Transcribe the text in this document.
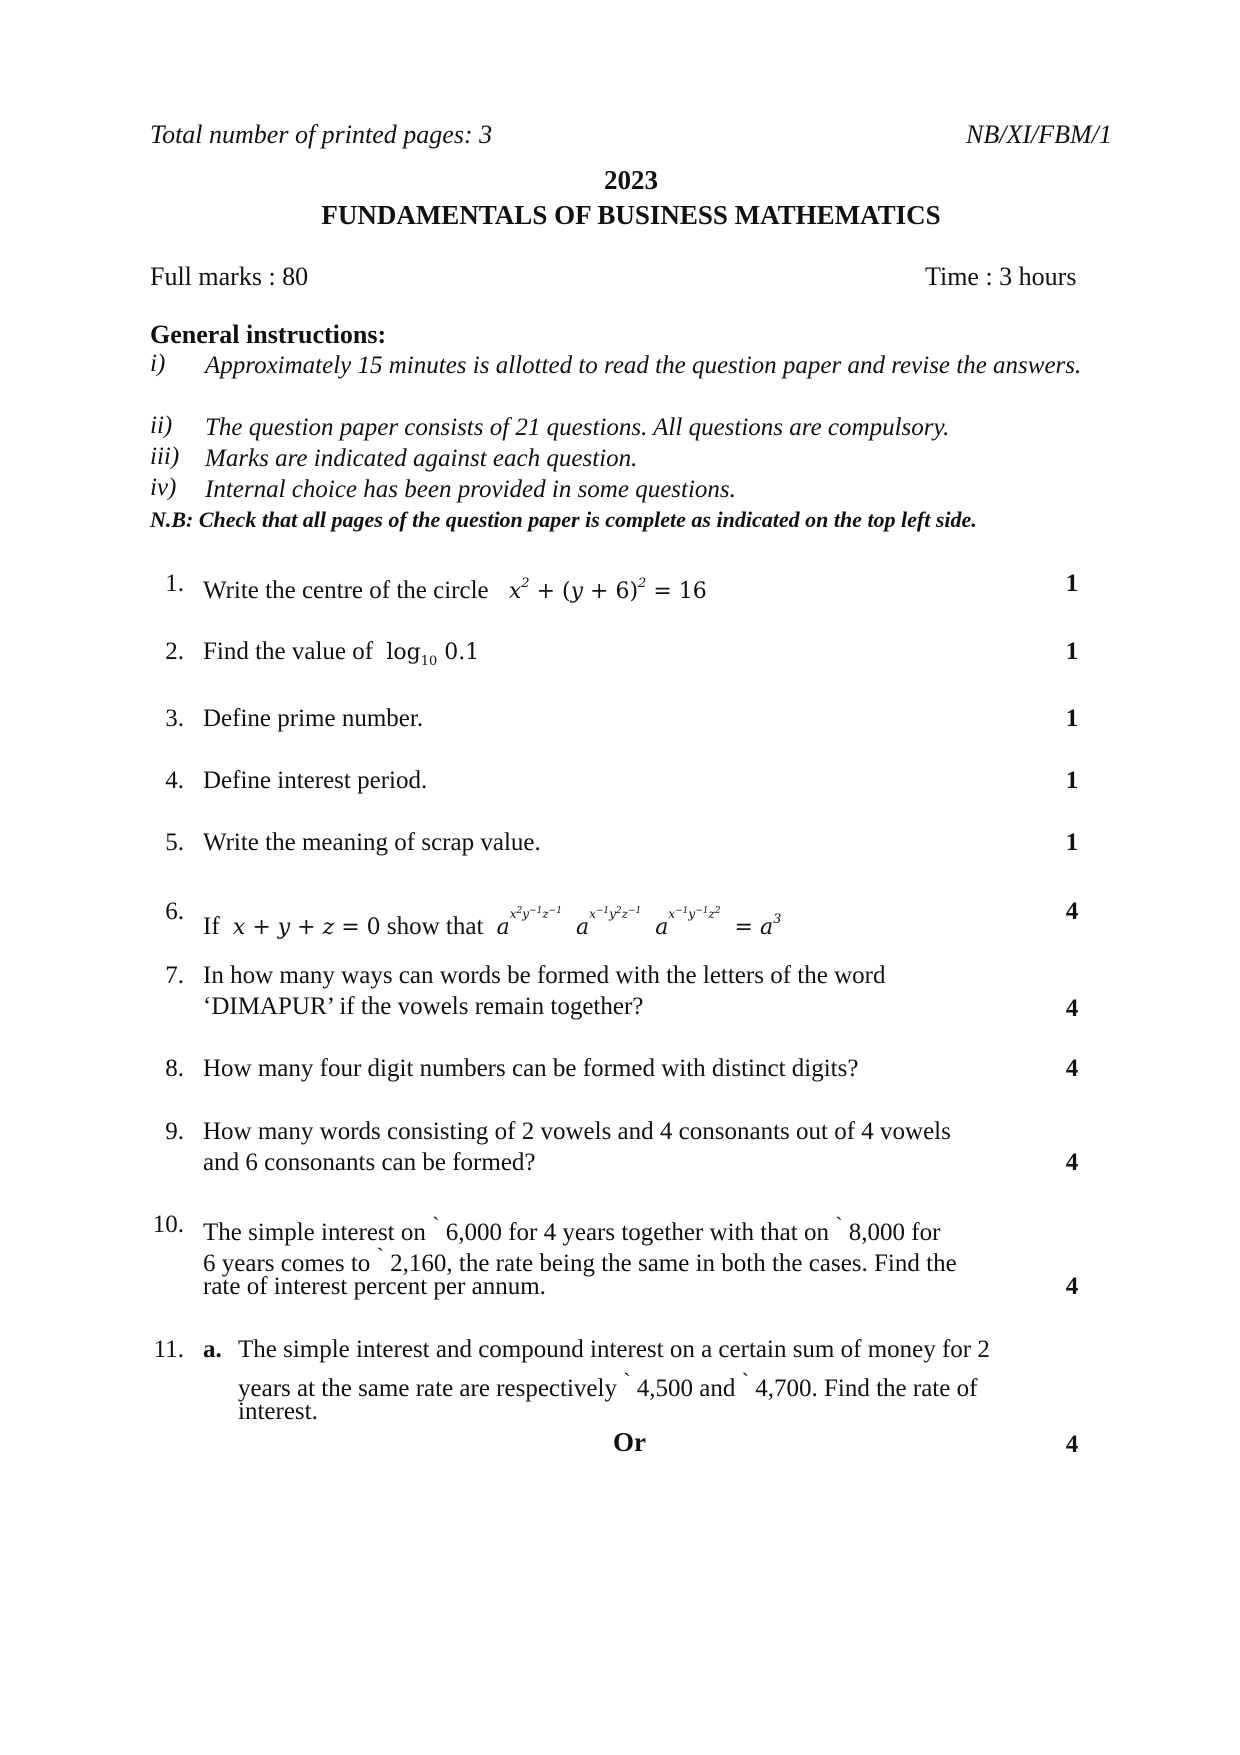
Total number of printed pages: 3	NB/XI/FBM/1
2023
FUNDAMENTALS OF BUSINESS MATHEMATICS
Full marks : 80	Time : 3 hours
General instructions:
i) Approximately 15 minutes is allotted to read the question paper and revise the answers.
ii) The question paper consists of 21 questions. All questions are compulsory.
iii) Marks are indicated against each question.
iv) Internal choice has been provided in some questions.
N.B: Check that all pages of the question paper is complete as indicated on the top left side.
1. Write the centre of the circle   $x^2 + (y + 6)^2 = 16$	1
2. Find the value of  $\log_{10} 0.1$	1
3. Define prime number.	1
4. Define interest period.	1
5. Write the meaning of scrap value.	1
6.
If  x + y + z = 0 show that  $a^{x^2y^{-1}z^{-1}}$  $a^{x^{-1}y^2z^{-1}}$  $a^{x^{-1}y^{-1}z^2} = a^3$	4
7. In how many ways can words be formed with the letters of the word
‘DIMAPUR’ if the vowels remain together?	4
8. How many four digit numbers can be formed with distinct digits?	4
9. How many words consisting of 2 vowels and 4 consonants out of 4 vowels
and 6 consonants can be formed?	4
10. The simple interest on ` 6,000 for 4 years together with that on ` 8,000 for
6 years comes to ` 2,160, the rate being the same in both the cases. Find the
rate of interest percent per annum.	4
11. a. The simple interest and compound interest on a certain sum of money for 2
years at the same rate are respectively ` 4,500 and ` 4,700. Find the rate of
interest.
Or	4
